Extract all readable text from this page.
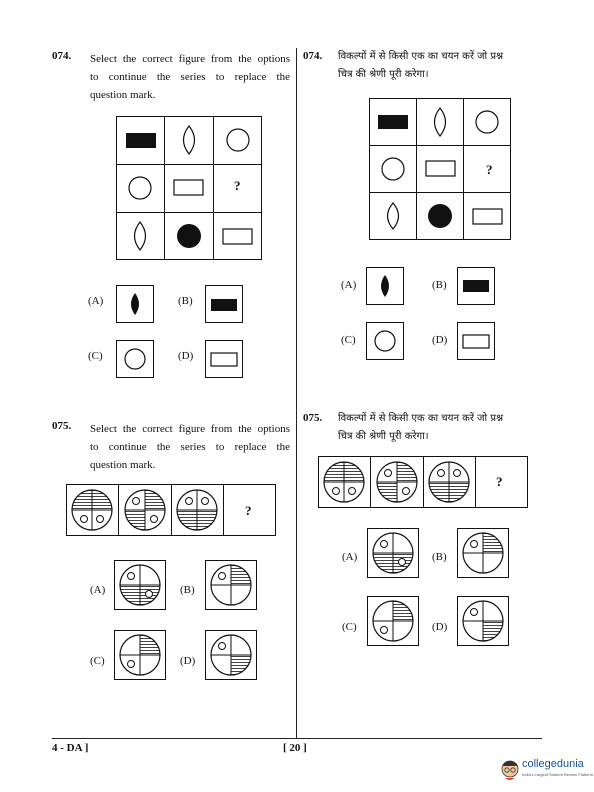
074. Select the correct figure from the options
to continue the series to replace the
question mark.
?
(A)	(B)
(C)	(D)
075. Select the correct figure from the options
to continue the series to replace the
question mark.
?
(A)	(B)
(C)	(D)
074. विकल्पों में से किसी एक का चयन करें जो प्रश्न
चित्र की श्रेणी पूरी करेगा।
?
(A)	(B)
(C)	(D)
075. विकल्पों में से किसी एक का चयन करें जो प्रश्न
चित्र की श्रेणी पूरी करेगा।
?
(A)	(B)
(C)	(D)
4 - DA ]	[ 20 ]
collegedunia
India's Largest Student Review Platform
